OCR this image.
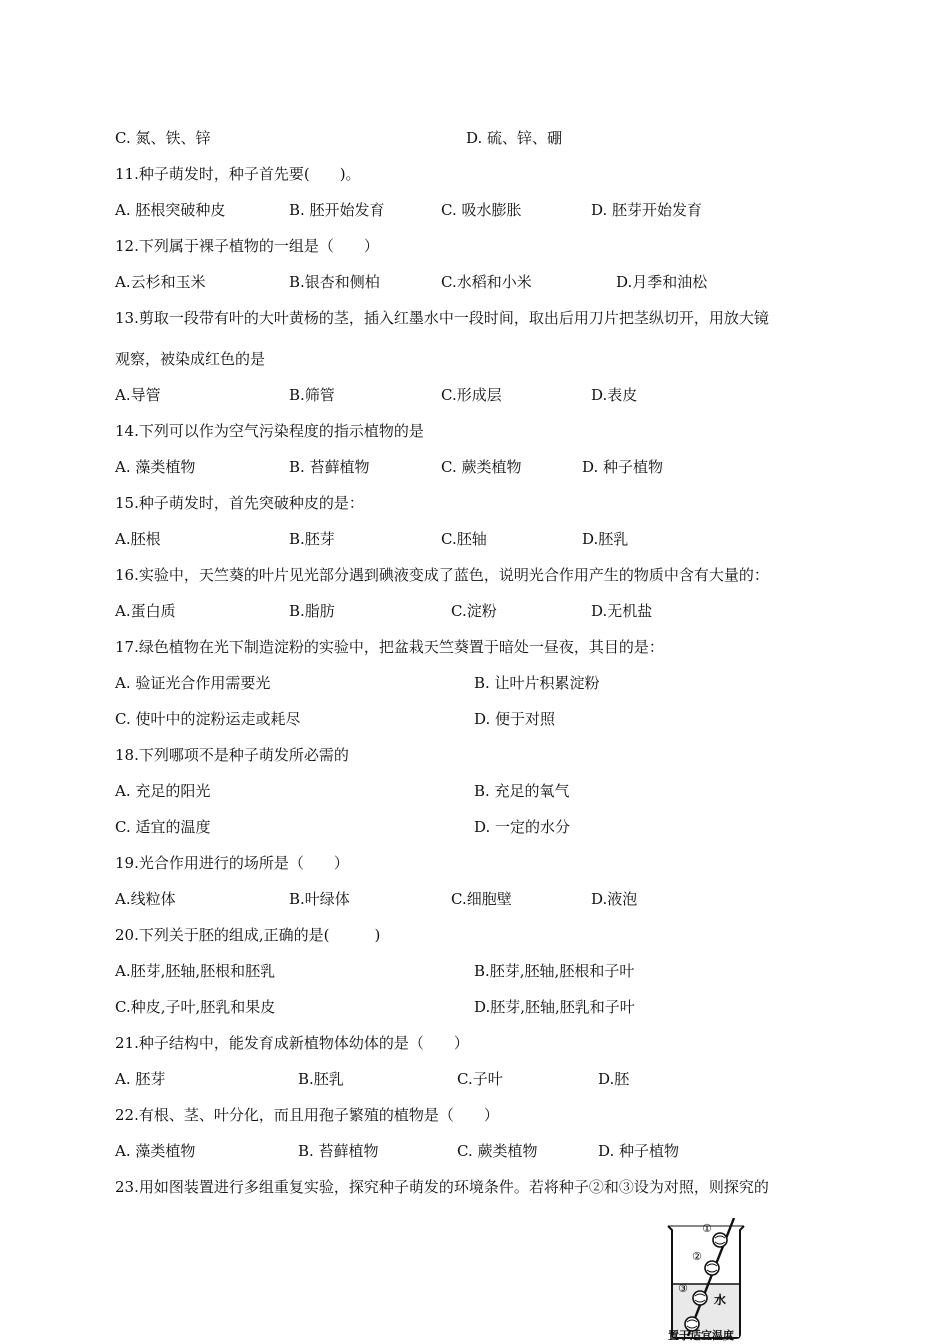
C. 氮、铁、锌	D. 硫、锌、硼
11.种子萌发时，种子首先要(　　)。
A. 胚根突破种皮	B. 胚开始发育	C. 吸水膨胀	D. 胚芽开始发育
12.下列属于裸子植物的一组是（　　）
A.云杉和玉米	B.银杏和侧柏	C.水稻和小米	D.月季和油松
13.剪取一段带有叶的大叶黄杨的茎，插入红墨水中一段时间，取出后用刀片把茎纵切开，用放大镜
观察，被染成红色的是
A.导管	B.筛管	C.形成层	D.表皮
14.下列可以作为空气污染程度的指示植物的是
A. 藻类植物	B. 苔藓植物	C. 蕨类植物	D. 种子植物
15.种子萌发时，首先突破种皮的是：
A.胚根	B.胚芽	C.胚轴	D.胚乳
16.实验中，天竺葵的叶片见光部分遇到碘液变成了蓝色，说明光合作用产生的物质中含有大量的：
A.蛋白质	B.脂肪	C.淀粉	D.无机盐
17.绿色植物在光下制造淀粉的实验中，把盆栽天竺葵置于暗处一昼夜，其目的是：
A. 验证光合作用需要光	B. 让叶片积累淀粉
C. 使叶中的淀粉运走或耗尽	D. 便于对照
18.下列哪项不是种子萌发所必需的
A. 充足的阳光	B. 充足的氧气
C. 适宜的温度	D. 一定的水分
19.光合作用进行的场所是（　　）
A.线粒体	B.叶绿体	C.细胞壁	D.液泡
20.下列关于胚的组成,正确的是(　　　)
A.胚芽,胚轴,胚根和胚乳	B.胚芽,胚轴,胚根和子叶
C.种皮,子叶,胚乳和果皮	D.胚芽,胚轴,胚乳和子叶
21.种子结构中，能发育成新植物体幼体的是（　　）
A. 胚芽	B.胚乳	C.子叶	D.胚
22.有根、茎、叶分化，而且用孢子繁殖的植物是（　　）
A. 藻类植物	B. 苔藓植物	C. 蕨类植物	D. 种子植物
23.用如图装置进行多组重复实验，探究种子萌发的环境条件。若将种子②和③设为对照，则探究的
①
②
③
水
置于适宜温度
